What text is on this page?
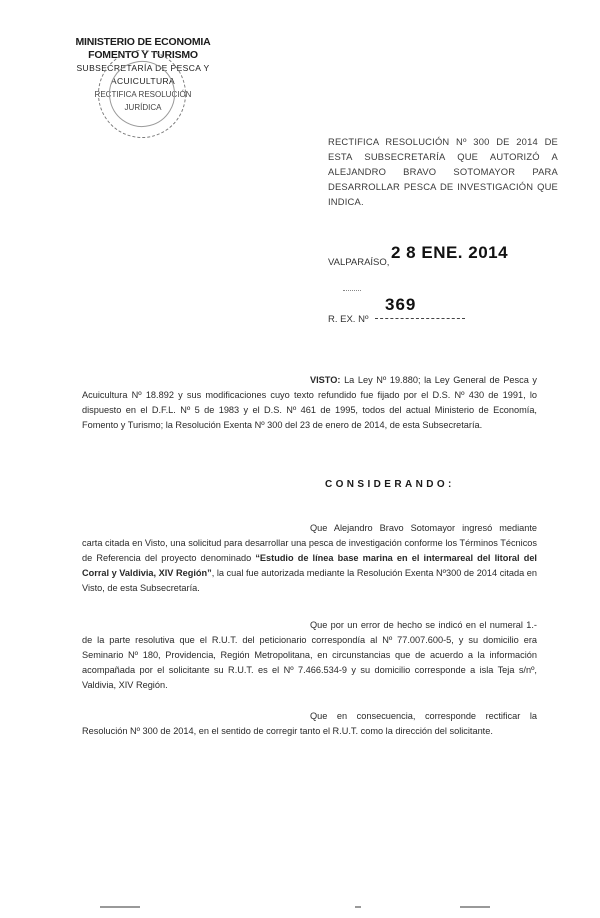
MINISTERIO DE ECONOMIA
FOMENTO Y TURISMO
SUBSECRETARÍA DE PESCA Y ACUICULTURA
RECTIFICA RESOLUCIÓN
JURÍDICA
RECTIFICA RESOLUCIÓN Nº 300 DE 2014 DE ESTA SUBSECRETARÍA QUE AUTORIZÓ A ALEJANDRO BRAVO SOTOMAYOR PARA DESARROLLAR PESCA DE INVESTIGACIÓN QUE INDICA.
VALPARAÍSO,
2 8 ENE. 2014
R. EX. Nº
369
VISTO: La Ley Nº 19.880; la Ley General de Pesca y Acuicultura Nº 18.892 y sus modificaciones cuyo texto refundido fue fijado por el D.S. Nº 430 de 1991, lo dispuesto en el D.F.L. Nº 5 de 1983 y el D.S. Nº 461 de 1995, todos del actual Ministerio de Economía, Fomento y Turismo; la Resolución Exenta Nº 300 del 23 de enero de 2014, de esta Subsecretaría.
CONSIDERANDO:
Que Alejandro Bravo Sotomayor ingresó mediante carta citada en Visto, una solicitud para desarrollar una pesca de investigación conforme los Términos Técnicos de Referencia del proyecto denominado “Estudio de línea base marina en el intermareal del litoral del Corral y Valdivia, XIV Región”, la cual fue autorizada mediante la Resolución Exenta Nº300 de 2014 citada en Visto, de esta Subsecretaría.
Que por un error de hecho se indicó en el numeral 1.- de la parte resolutiva que el R.U.T. del peticionario correspondía al Nº 77.007.600-5, y su domicilio era Seminario Nº 180, Providencia, Región Metropolitana, en circunstancias que de acuerdo a la información acompañada por el solicitante su R.U.T. es el Nº 7.466.534-9 y su domicilio corresponde a isla Teja s/nº, Valdivia, XIV Región.
Que en consecuencia, corresponde rectificar la Resolución Nº 300 de 2014, en el sentido de corregir tanto el R.U.T. como la dirección del solicitante.
